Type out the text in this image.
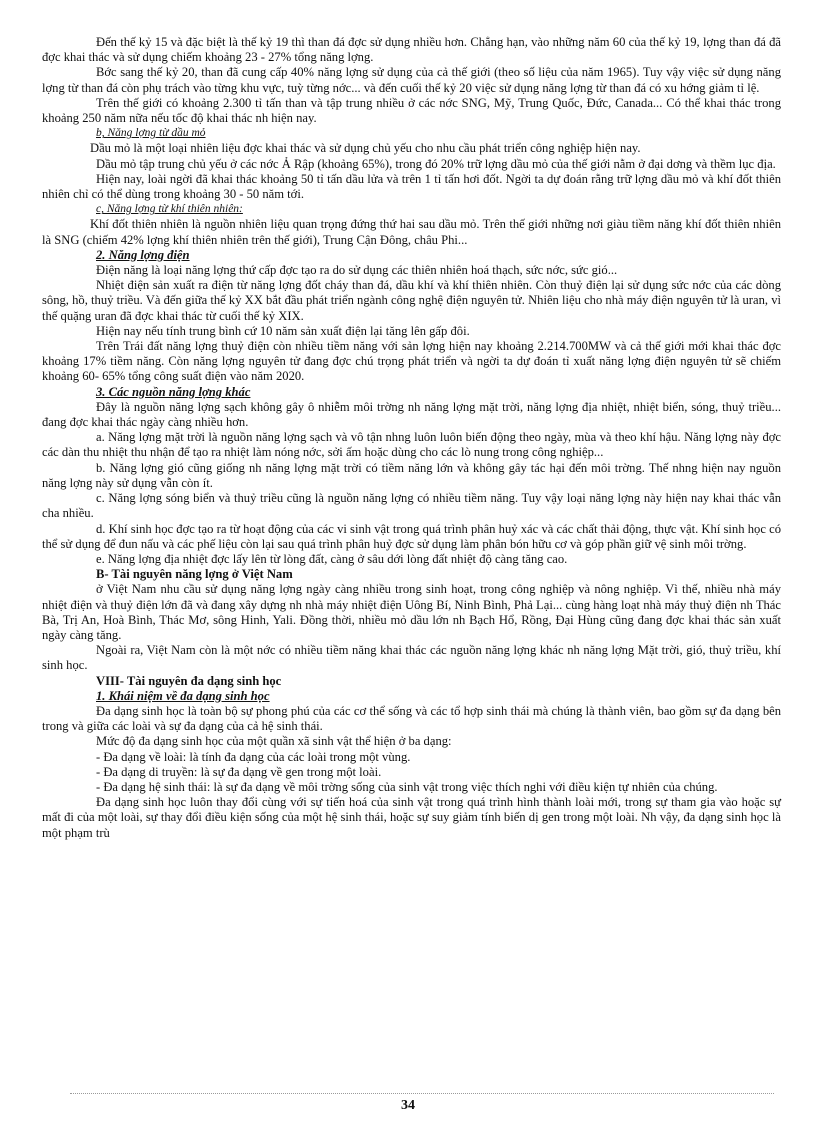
Đến thế kỷ 15 và đặc biệt là thế kỷ 19 thì than đá đợc sử dụng nhiều hơn. Chẳng hạn, vào những năm 60 của thế kỷ 19, lợng than đá đã đợc khai thác và sử dụng chiếm khoảng 23 - 27% tổng năng lợng.

Bớc sang thế kỷ 20, than đã cung cấp 40% năng lợng sử dụng của cả thế giới (theo số liệu của năm 1965). Tuy vậy việc sử dụng năng lợng từ than đá còn phụ trách vào từng khu vực, tuỳ từng nớc... và đến cuối thế kỷ 20 việc sử dụng năng lợng từ than đá có xu hớng giảm tỉ lệ.

Trên thế giới có khoảng 2.300 tỉ tấn than và tập trung nhiều ở các nớc SNG, Mỹ, Trung Quốc, Đức, Canada... Có thể khai thác trong khoảng 250 năm nữa nếu tốc độ khai thác nh hiện nay.

b, Năng lợng từ dầu mỏ

Dầu mỏ là một loại nhiên liệu đợc khai thác và sử dụng chủ yếu cho nhu cầu phát triển công nghiệp hiện nay.

Dầu mỏ tập trung chủ yếu ở các nớc Ả Rập (khoảng 65%), trong đó 20% trữ lợng dầu mỏ của thế giới nằm ở đại dơng và thềm lục địa.

Hiện nay, loài ngời đã khai thác khoảng 50 tỉ tấn dầu lửa và trên 1 tỉ tấn hơi đốt. Ngời ta dự đoán rằng trữ lợng dầu mỏ và khí đốt thiên nhiên chỉ có thể dùng trong khoảng 30 - 50 năm tới.

c, Năng lợng từ khí thiên nhiên:

Khí đốt thiên nhiên là nguồn nhiên liệu quan trọng đứng thứ hai sau dầu mỏ. Trên thế giới những nơi giàu tiềm năng khí đốt thiên nhiên là SNG (chiếm 42% lợng khí thiên nhiên trên thế giới), Trung Cận Đông, châu Phi...

2. Năng lợng điện

Điện năng là loại năng lợng thứ cấp đợc tạo ra do sử dụng các thiên nhiên hoá thạch, sức nớc, sức gió...

Nhiệt điện sản xuất ra điện từ năng lợng đốt cháy than đá, dầu khí và khí thiên nhiên. Còn thuỷ điện lại sử dụng sức nớc của các dòng sông, hồ, thuỷ triều. Và đến giữa thế kỷ XX bắt đầu phát triển ngành công nghệ điện nguyên tử. Nhiên liệu cho nhà máy điện nguyên tử là uran, vì thế quặng uran đã đợc khai thác từ cuối thế kỷ XIX.

Hiện nay nếu tính trung bình cứ 10 năm sản xuất điện lại tăng lên gấp đôi.

Trên Trái đất năng lợng thuỷ điện còn nhiều tiềm năng với sản lợng hiện nay khoảng 2.214.700MW và cả thế giới mới khai thác đợc khoảng 17% tiềm năng. Còn năng lợng nguyên tử đang đợc chú trọng phát triển và ngời ta dự đoán tỉ xuất năng lợng điện nguyên tử sẽ chiếm khoảng 60- 65% tổng công suất điện vào năm 2020.

3. Các nguồn năng lợng khác

Đây là nguồn năng lợng sạch không gây ô nhiễm môi trờng nh năng lợng mặt trời, năng lợng địa nhiệt, nhiệt biển, sóng, thuỷ triều... đang đợc khai thác ngày càng nhiều hơn.

a. Năng lợng mặt trời là nguồn năng lợng sạch và vô tận nhng luôn luôn biến động theo ngày, mùa và theo khí hậu. Năng lợng này đợc các dàn thu nhiệt thu nhận để tạo ra nhiệt làm nóng nớc, sởi ấm hoặc dùng cho các lò nung trong công nghiệp...

b. Năng lợng gió cũng giống nh năng lợng mặt trời có tiềm năng lớn và không gây tác hại đến môi trờng. Thế nhng hiện nay nguồn năng lợng này sử dụng vẫn còn ít.

c. Năng lợng sóng biển và thuỷ triều cũng là nguồn năng lợng có nhiều tiềm năng. Tuy vậy loại năng lợng này hiện nay khai thác vẫn cha nhiều.

d. Khí sinh học đợc tạo ra từ hoạt động của các vi sinh vật trong quá trình phân huỷ xác và các chất thải động, thực vật. Khí sinh học có thể sử dụng để đun nấu và các phế liệu còn lại sau quá trình phân huỷ đợc sử dụng làm phân bón hữu cơ và góp phần giữ vệ sinh môi trờng.

e. Năng lợng địa nhiệt đợc lấy lên từ lòng đất, càng ở sâu dới lòng đất nhiệt độ càng tăng cao.

B- Tài nguyên năng lợng ở Việt Nam

ở Việt Nam nhu cầu sử dụng năng lợng ngày càng nhiều trong sinh hoạt, trong công nghiệp và nông nghiệp. Vì thế, nhiều nhà máy nhiệt điện và thuỷ điện lớn đã và đang xây dựng nh nhà máy nhiệt điện Uông Bí, Ninh Bình, Phả Lại... cùng hàng loạt nhà máy thuỷ điện nh Thác Bà, Trị An, Hoà Bình, Thác Mơ, sông Hinh, Yali. Đồng thời, nhiều mỏ dầu lớn nh Bạch Hổ, Rồng, Đại Hùng cũng đang đợc khai thác sản xuất ngày càng tăng.

Ngoài ra, Việt Nam còn là một nớc có nhiều tiềm năng khai thác các nguồn năng lợng khác nh năng lợng Mặt trời, gió, thuỷ triều, khí sinh học.

VIII- Tài nguyên đa dạng sinh học

1. Khái niệm về đa dạng sinh học

Đa dạng sinh học là toàn bộ sự phong phú của các cơ thể sống và các tổ hợp sinh thái mà chúng là thành viên, bao gồm sự đa dạng bên trong và giữa các loài và sự đa dạng của cả hệ sinh thái.

Mức độ đa dạng sinh học của một quần xã sinh vật thể hiện ở ba dạng:

- Đa dạng về loài: là tính đa dạng của các loài trong một vùng.

- Đa dạng di truyền: là sự đa dạng về gen trong một loài.

- Đa dạng hệ sinh thái: là sự đa dạng về môi trờng sống của sinh vật trong việc thích nghi với điều kiện tự nhiên của chúng.

Đa dạng sinh học luôn thay đổi cùng với sự tiến hoá của sinh vật trong quá trình hình thành loài mới, trong sự tham gia vào hoặc sự mất đi của một loài, sự thay đổi điều kiện sống của một hệ sinh thái, hoặc sự suy giảm tính biến dị gen trong một loài. Nh vậy, đa dạng sinh học là một phạm trù

34
